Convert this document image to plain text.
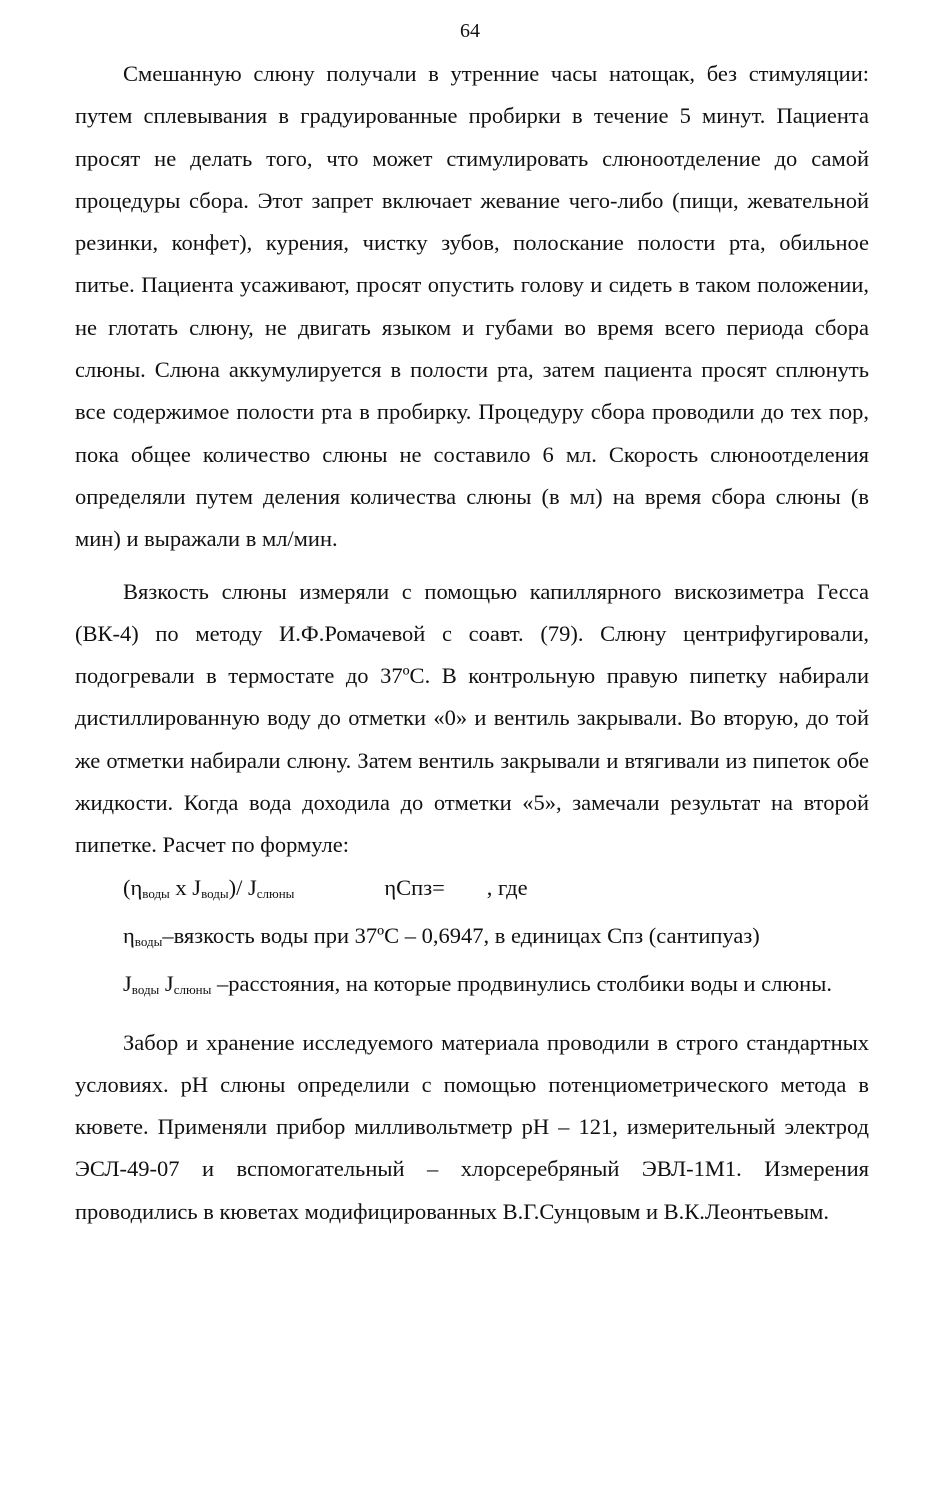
64

Смешанную слюну получали в утренние часы натощак, без стимуляции: путем сплевывания в градуированные пробирки в течение 5 минут. Пациента просят не делать того, что может стимулировать слюноотделение до самой процедуры сбора. Этот запрет включает жевание чего-либо (пищи, жевательной резинки, конфет), курения, чистку зубов, полоскание полости рта, обильное питье. Пациента усаживают, просят опустить голову и сидеть в таком положении, не глотать слюну, не двигать языком и губами во время всего периода сбора слюны. Слюна аккумулируется в полости рта, затем пациента просят сплюнуть все содержимое полости рта в пробирку. Процедуру сбора проводили до тех пор, пока общее количество слюны не составило 6 мл. Скорость слюноотделения определяли путем деления количества слюны (в мл) на время сбора слюны (в мин) и выражали в мл/мин.

Вязкость слюны измеряли с помощью капиллярного вискозиметра Гесса (ВК-4) по методу И.Ф.Ромачевой с соавт. (79). Слюну центрифугировали, подогревали в термостате до 37ºС. В контрольную правую пипетку набирали дистиллированную воду до отметки «0» и вентиль закрывали. Во вторую, до той же отметки набирали слюну. Затем вентиль закрывали и втягивали из пипеток обе жидкости. Когда вода доходила до отметки «5», замечали результат на второй пипетке. Расчет по формуле:

($\eta_{воды}$ x $J_{воды})/$ $J_{слюны}$	ηСпз= , где

$\eta_{воды}$–вязкость воды при 37ºС – 0,6947, в единицах Спз (сантипуаз)

$J_{воды}$ $J_{слюны}$ –расстояния, на которые продвинулись столбики воды и слюны.

Забор и хранение исследуемого материала проводили в строго стандартных условиях. pH слюны определили с помощью потенциометрического метода в кювете. Применяли прибор милливольтметр pH – 121, измерительный электрод ЭСЛ-49-07 и вспомогательный – хлорсеребряный ЭВЛ-1М1. Измерения проводились в кюветах модифицированных В.Г.Сунцовым и В.К.Леонтьевым.
